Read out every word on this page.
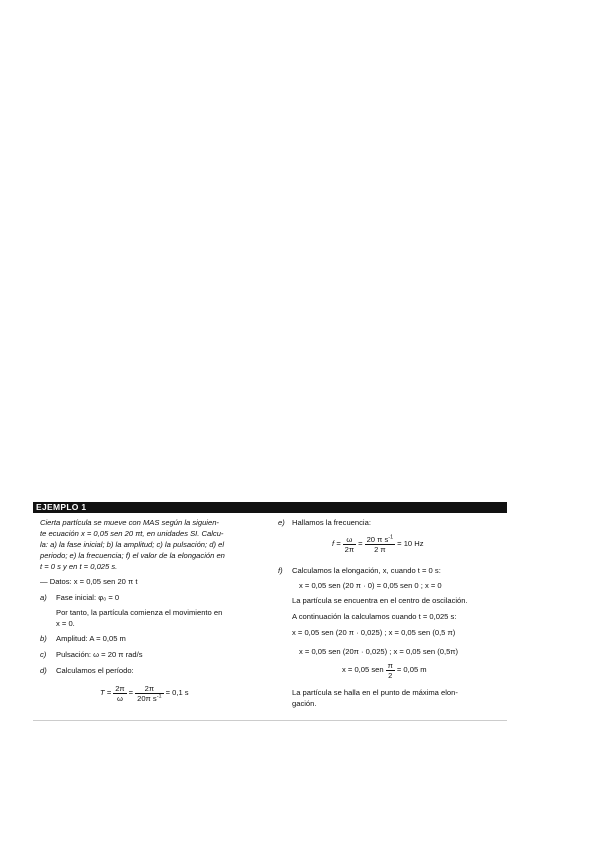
EJEMPLO 1
Cierta partícula se mueve con MAS según la siguien-
te ecuación x = 0,05 sen 20 πt, en unidades SI. Calcu-
la: a) la fase inicial; b) la amplitud; c) la pulsación; d) el
periodo; e) la frecuencia; f) el valor de la elongación en
t = 0 s y en t = 0,025 s.
— Datos: x = 0,05 sen 20 π t
a) Fase inicial: φ₀ = 0
Por tanto, la partícula comienza el movimiento en
x = 0.
b) Amplitud: A = 0,05 m
c) Pulsación: ω = 20 π rad/s
d) Calculamos el período:
$T = \frac{2\pi}{\omega} = \frac{2\pi}{20\pi s^{-1}} = 0,1$ s
e) Hallamos la frecuencia:
$f = \frac{\omega}{2\pi} = \frac{20 \pi s^{-1}}{2 \pi} = 10$ Hz
f) Calculamos la elongación, x, cuando t = 0 s:
x = 0,05 sen (20 π · 0) = 0,05 sen 0 ; x = 0
La partícula se encuentra en el centro de oscilación.
A continuación la calculamos cuando t = 0,025 s:
x = 0,05 sen (20 π · 0,025) ; x = 0,05 sen (0,5 π)
x = 0,05 sen (20π · 0,025) ; x = 0,05 sen (0,5π)
x = 0,05 sen $\frac{\pi}{2} = 0,05$ m
La partícula se halla en el punto de máxima elon-
gación.
